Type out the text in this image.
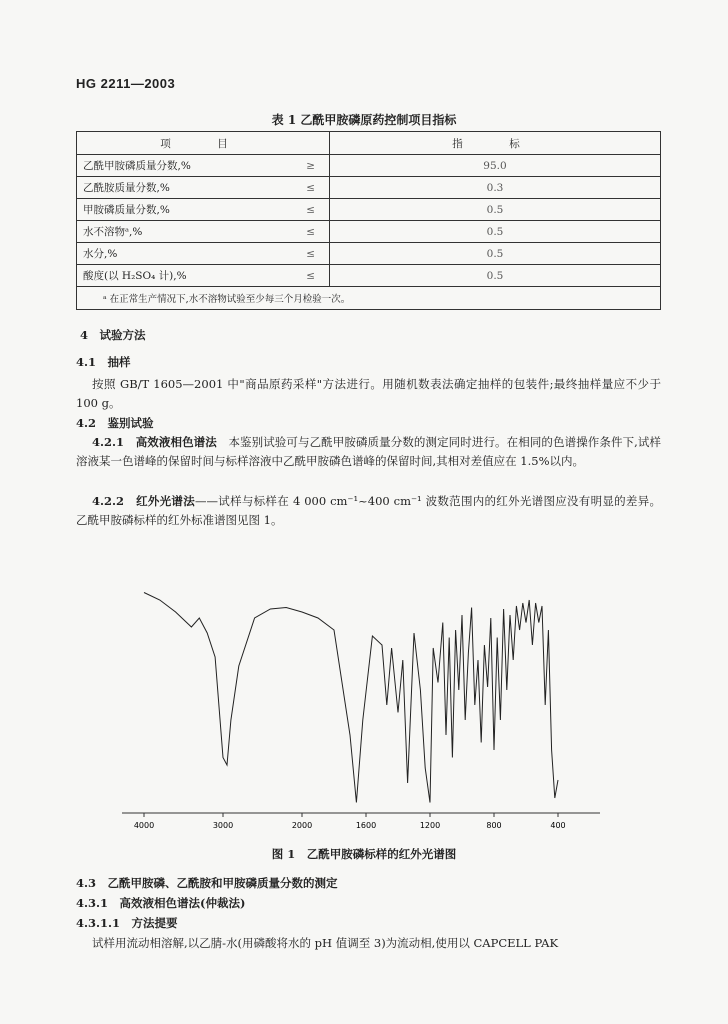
HG 2211—2003
表 1 乙酰甲胺磷原药控制项目指标
项　目		指　标
乙酰甲胺磷质量分数,%	≥	95.0
乙酰胺质量分数,%	≤	0.3
甲胺磷质量分数,%	≤	0.5
水不溶物ᵃ,%	≤	0.5
水分,%	≤	0.5
酸度(以 H₂SO₄ 计),%	≤	0.5
ᵃ 在正常生产情况下,水不溶物试验至少每三个月检验一次。		
4　试验方法
4.1　抽样
按照 GB/T 1605—2001 中"商品原药采样"方法进行。用随机数表法确定抽样的包装件;最终抽样量应不少于 100 g。
4.2　鉴别试验
4.2.1　高效液相色谱法　 本鉴别试验可与乙酰甲胺磷质量分数的测定同时进行。在相同的色谱操作条件下,试样溶液某一色谱峰的保留时间与标样溶液中乙酰甲胺磷色谱峰的保留时间,其相对差值应在 1.5%以内。
4.2.2　红外光谱法——试样与标样在 4 000 cm⁻¹~400 cm⁻¹ 波数范围内的红外光谱图应没有明显的差异。乙酰甲胺磷标样的红外标准谱图见图 1。
4000	3000	2000	1600	1200	800	400
图 1　乙酰甲胺磷标样的红外光谱图
4.3　乙酰甲胺磷、乙酰胺和甲胺磷质量分数的测定
4.3.1　高效液相色谱法(仲裁法)
4.3.1.1　方法提要
试样用流动相溶解,以乙腈-水(用磷酸将水的 pH 值调至 3)为流动相,使用以 CAPCELL PAK
